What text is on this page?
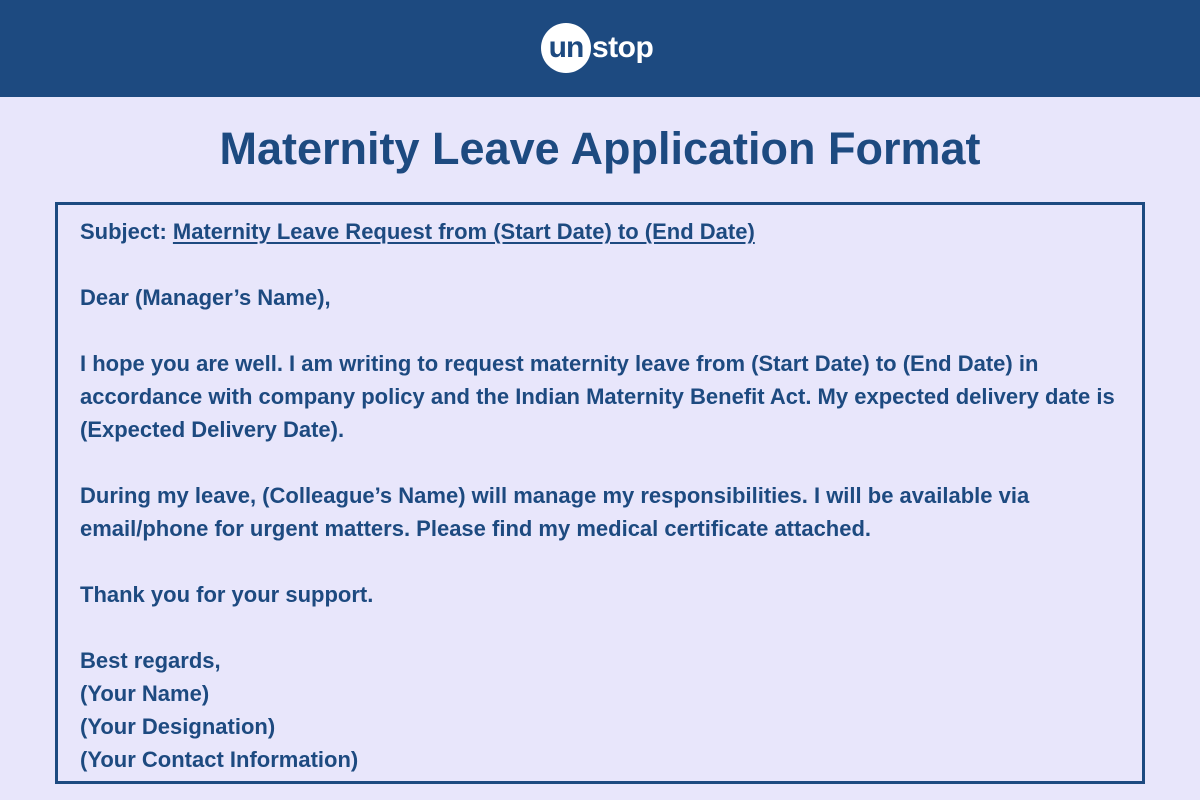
un stop
Maternity Leave Application Format

Subject: Maternity Leave Request from (Start Date) to (End Date)

Dear (Manager’s Name),

I hope you are well. I am writing to request maternity leave from (Start Date) to (End Date) in accordance with company policy and the Indian Maternity Benefit Act. My expected delivery date is (Expected Delivery Date).

During my leave, (Colleague’s Name) will manage my responsibilities. I will be available via email/phone for urgent matters. Please find my medical certificate attached.

Thank you for your support.

Best regards,
(Your Name)
(Your Designation)
(Your Contact Information)
